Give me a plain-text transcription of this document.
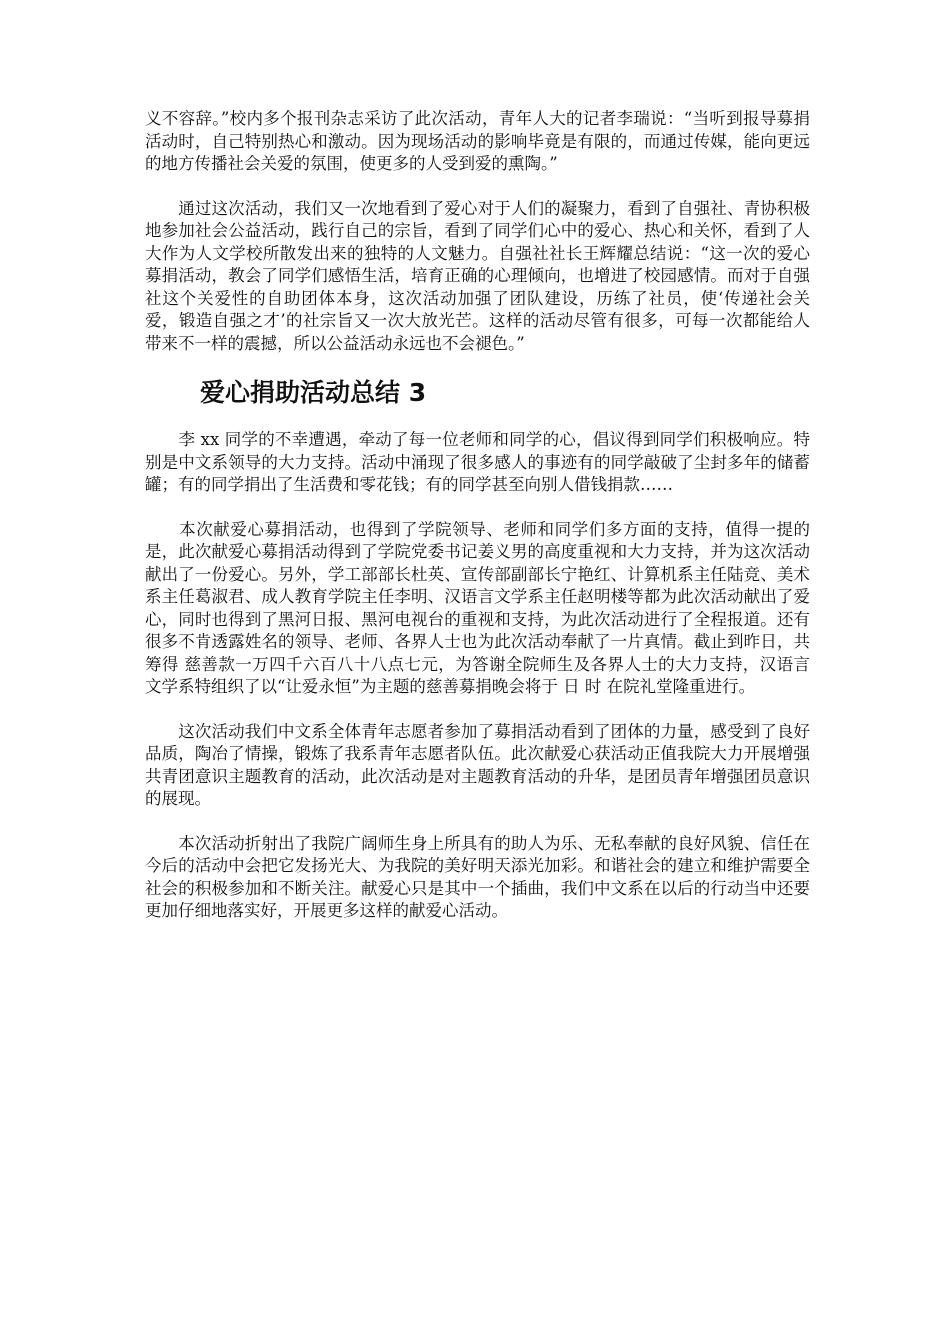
义不容辞。”校内多个报刊杂志采访了此次活动，青年人大的记者李瑞说：“当听到报导募捐活动时，自己特别热心和激动。因为现场活动的影响毕竟是有限的，而通过传媒，能向更远的地方传播社会关爱的氛围，使更多的人受到爱的熏陶。”

　　通过这次活动，我们又一次地看到了爱心对于人们的凝聚力，看到了自强社、青协积极地参加社会公益活动，践行自己的宗旨，看到了同学们心中的爱心、热心和关怀，看到了人大作为人文学校所散发出来的独特的人文魅力。自强社社长王辉耀总结说：“这一次的爱心募捐活动，教会了同学们感悟生活，培育正确的心理倾向，也增进了校园感情。而对于自强社这个关爱性的自助团体本身，这次活动加强了团队建设，历练了社员，使‘传递社会关爱，锻造自强之才’的社宗旨又一次大放光芒。这样的活动尽管有很多，可每一次都能给人带来不一样的震撼，所以公益活动永远也不会褪色。”

爱心捐助活动总结 3

　　李 xx 同学的不幸遭遇，牵动了每一位老师和同学的心，倡议得到同学们积极响应。特别是中文系领导的大力支持。活动中涌现了很多感人的事迹有的同学敲破了尘封多年的储蓄罐；有的同学捐出了生活费和零花钱；有的同学甚至向别人借钱捐款……

　　本次献爱心募捐活动，也得到了学院领导、老师和同学们多方面的支持，值得一提的是，此次献爱心募捐活动得到了学院党委书记姜义男的高度重视和大力支持，并为这次活动献出了一份爱心。另外，学工部部长杜英、宣传部副部长宁艳红、计算机系主任陆竞、美术系主任葛淑君、成人教育学院主任李明、汉语言文学系主任赵明楼等都为此次活动献出了爱心，同时也得到了黑河日报、黑河电视台的重视和支持，为此次活动进行了全程报道。还有很多不肯透露姓名的领导、老师、各界人士也为此次活动奉献了一片真情。截止到昨日，共筹得 慈善款一万四千六百八十八点七元，为答谢全院师生及各界人士的大力支持，汉语言文学系特组织了以“让爱永恒”为主题的慈善募捐晚会将于 日 时 在院礼堂隆重进行。

　　这次活动我们中文系全体青年志愿者参加了募捐活动看到了团体的力量，感受到了良好品质，陶冶了情操，锻炼了我系青年志愿者队伍。此次献爱心获活动正值我院大力开展增强共青团意识主题教育的活动，此次活动是对主题教育活动的升华，是团员青年增强团员意识的展现。

　　本次活动折射出了我院广阔师生身上所具有的助人为乐、无私奉献的良好风貌、信任在今后的活动中会把它发扬光大、为我院的美好明天添光加彩。和谐社会的建立和维护需要全社会的积极参加和不断关注。献爱心只是其中一个插曲，我们中文系在以后的行动当中还要更加仔细地落实好，开展更多这样的献爱心活动。
